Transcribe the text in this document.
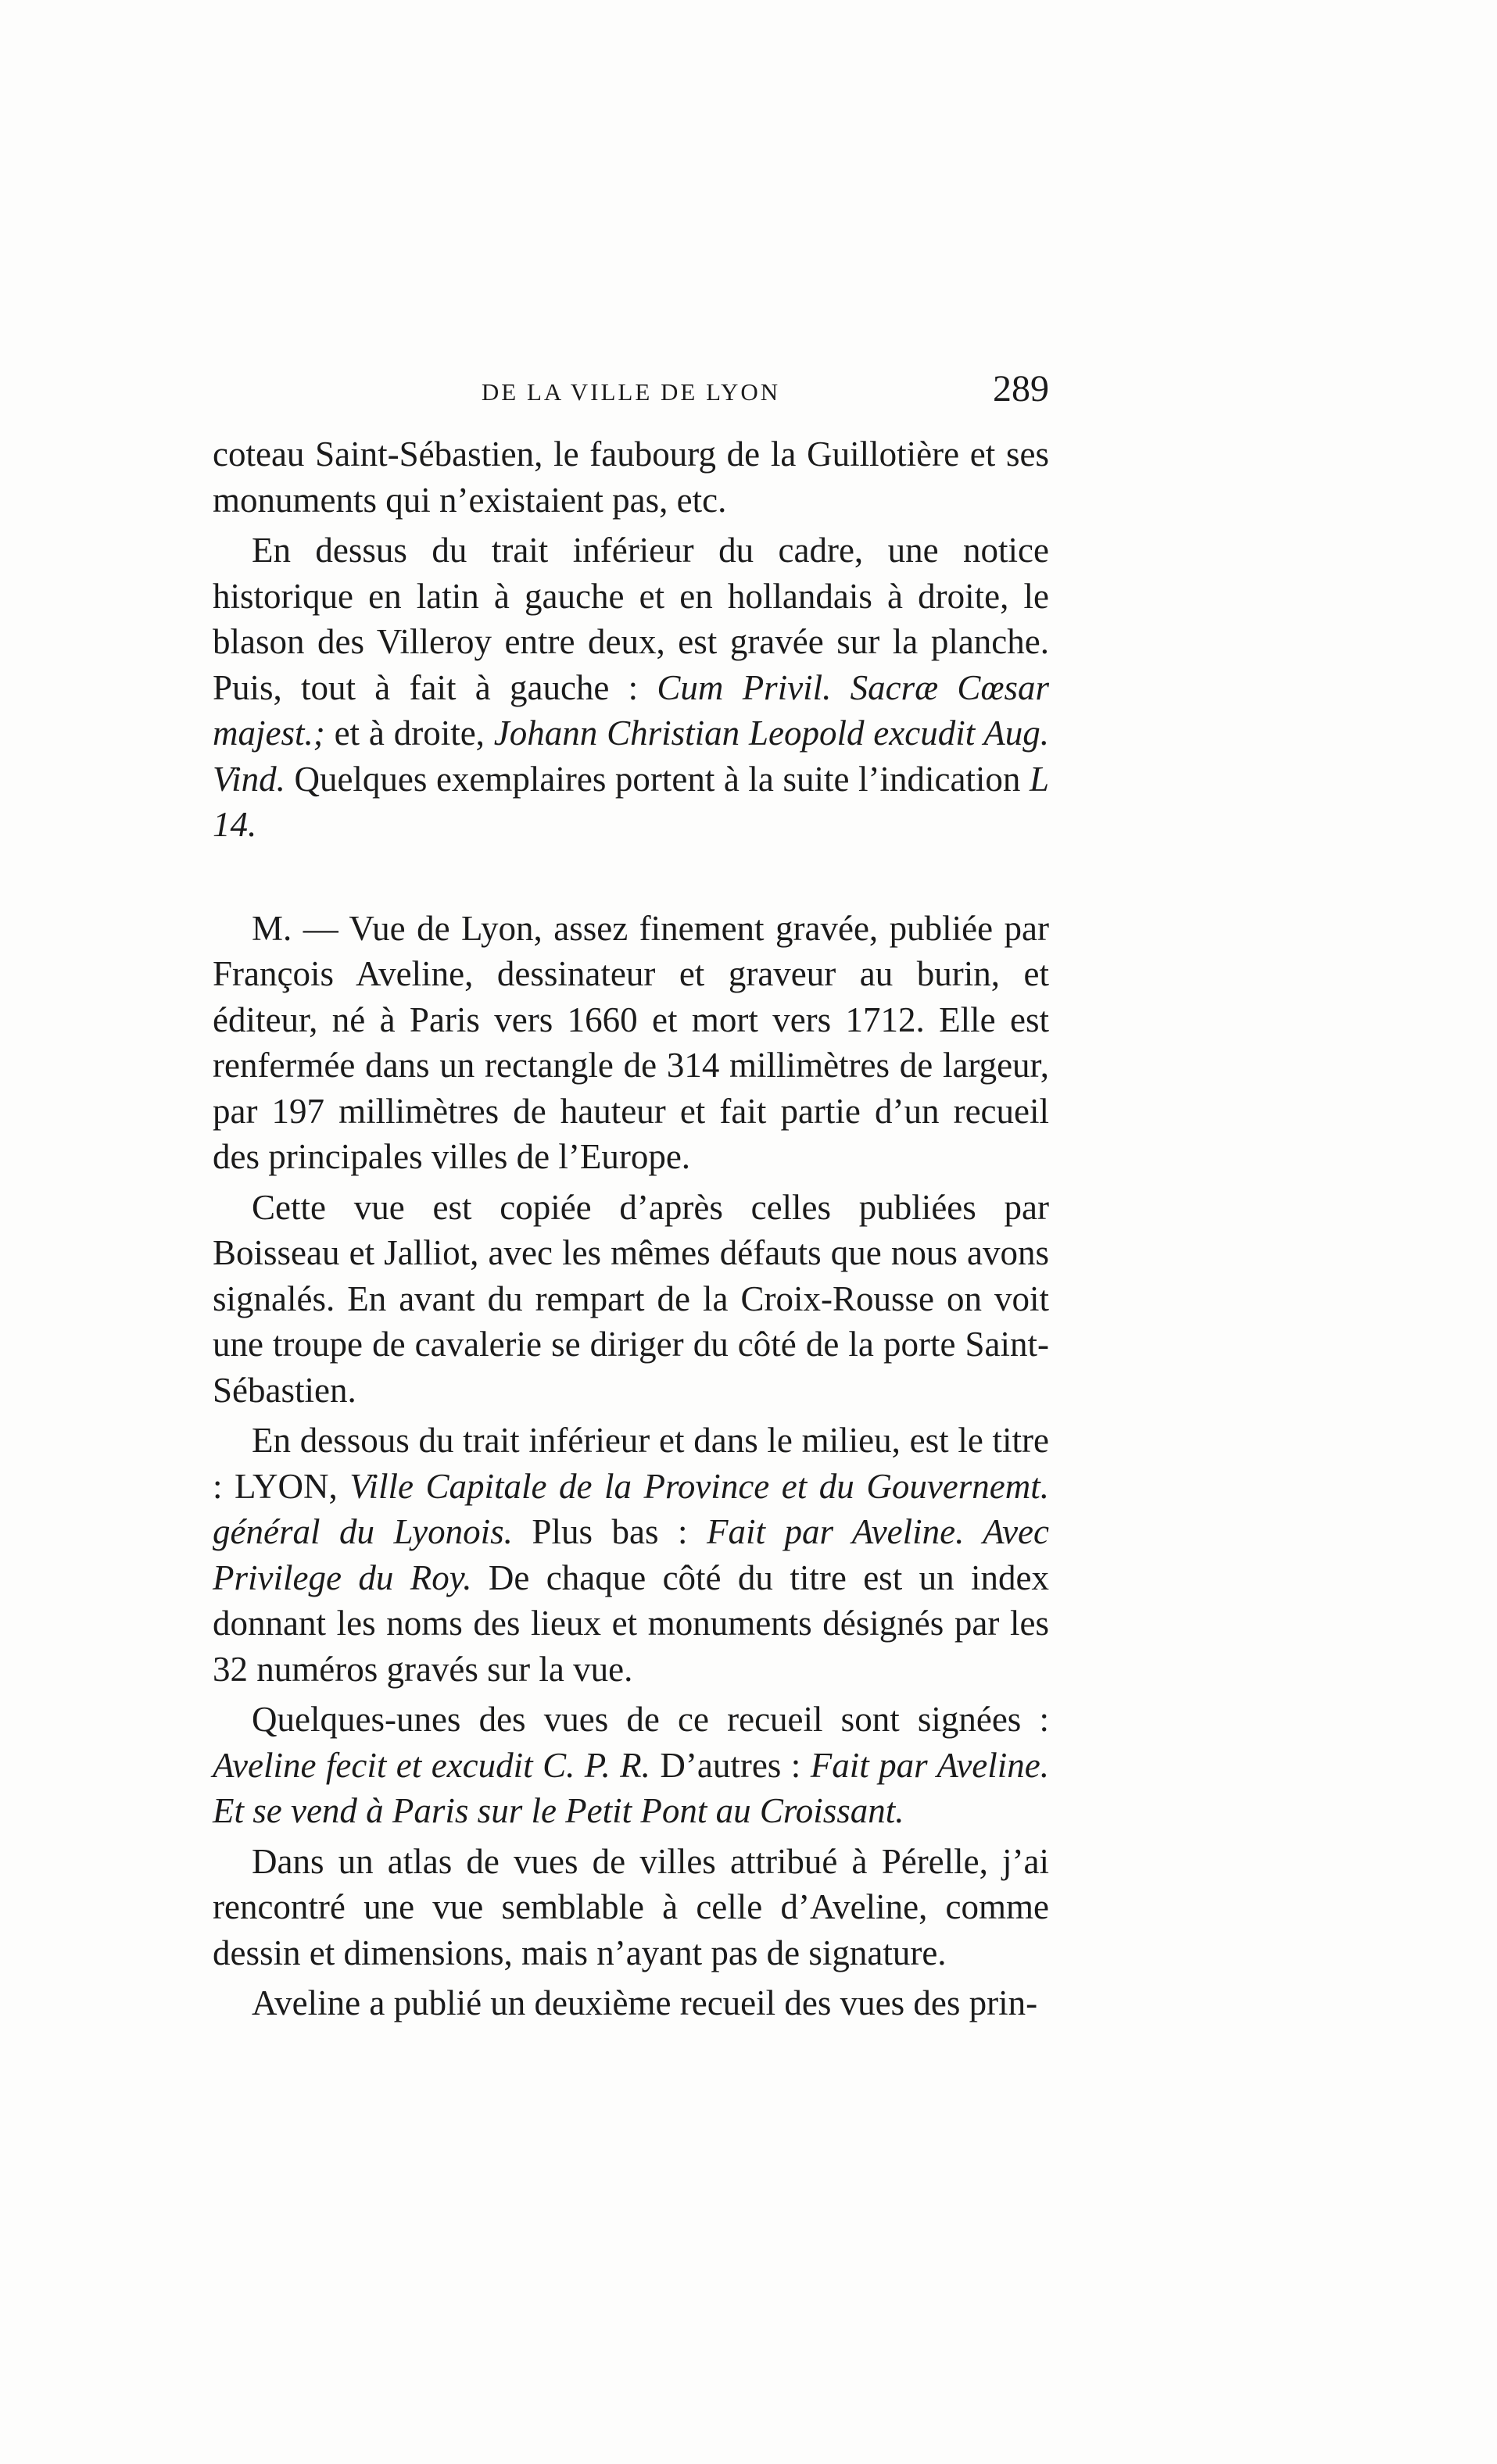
DE LA VILLE DE LYON	289

coteau Saint-Sébastien, le faubourg de la Guillotière et ses monuments qui n’existaient pas, etc.

En dessus du trait inférieur du cadre, une notice historique en latin à gauche et en hollandais à droite, le blason des Villeroy entre deux, est gravée sur la planche. Puis, tout à fait à gauche : Cum Privil. Sacræ Cœsar majest.; et à droite, Johann Christian Leopold excudit Aug. Vind. Quelques exemplaires portent à la suite l’indication L 14.

M. — Vue de Lyon, assez finement gravée, publiée par François Aveline, dessinateur et graveur au burin, et éditeur, né à Paris vers 1660 et mort vers 1712. Elle est renfermée dans un rectangle de 314 millimètres de largeur, par 197 millimètres de hauteur et fait partie d’un recueil des principales villes de l’Europe.

Cette vue est copiée d’après celles publiées par Boisseau et Jalliot, avec les mêmes défauts que nous avons signalés. En avant du rempart de la Croix-Rousse on voit une troupe de cavalerie se diriger du côté de la porte Saint-Sébastien.

En dessous du trait inférieur et dans le milieu, est le titre : LYON, Ville Capitale de la Province et du Gouvernemt. général du Lyonois. Plus bas : Fait par Aveline. Avec Privilege du Roy. De chaque côté du titre est un index donnant les noms des lieux et monuments désignés par les 32 numéros gravés sur la vue.

Quelques-unes des vues de ce recueil sont signées : Aveline fecit et excudit C. P. R. D’autres : Fait par Aveline. Et se vend à Paris sur le Petit Pont au Croissant.

Dans un atlas de vues de villes attribué à Pérelle, j’ai rencontré une vue semblable à celle d’Aveline, comme dessin et dimensions, mais n’ayant pas de signature.

Aveline a publié un deuxième recueil des vues des prin-
